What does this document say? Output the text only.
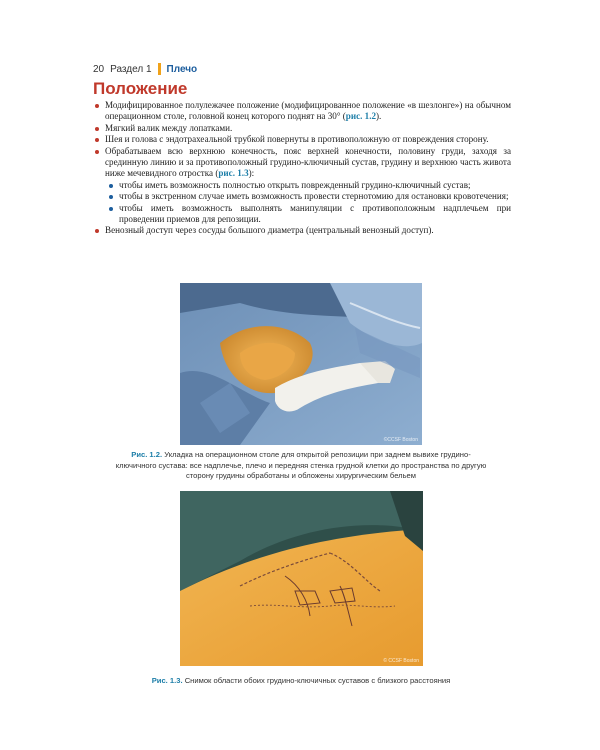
20 Раздел 1 Плечо
Положение
Модифицированное полулежачее положение (модифицированное положение «в шезлонге») на обычном операционном столе, головной конец которого поднят на 30° (рис. 1.2).
Мягкий валик между лопатками.
Шея и голова с эндотрахеальной трубкой повернуты в противоположную от повреждения сторону.
Обрабатываем всю верхнюю конечность, пояс верхней конечности, половину груди, заходя за срединную линию и за противоположный грудино-ключичный сустав, грудину и верхнюю часть живота ниже мечевидного отростка (рис. 1.3):
чтобы иметь возможность полностью открыть поврежденный грудино-ключичный сустав;
чтобы в экстренном случае иметь возможность провести стернотомию для остановки кровотечения;
чтобы иметь возможность выполнять манипуляции с противоположным надплечьем при проведении приемов для репозиции.
Венозный доступ через сосуды большого диаметра (центральный венозный доступ).
©CCSF Boston
Рис. 1.2. Укладка на операционном столе для открытой репозиции при заднем вывихе грудино-ключичного сустава: все надплечье, плечо и передняя стенка грудной клетки до пространства по другую сторону грудины обработаны и обложены хирургическим бельем
© CCSF Boston
Рис. 1.3. Снимок области обоих грудино-ключичных суставов с близкого расстояния
